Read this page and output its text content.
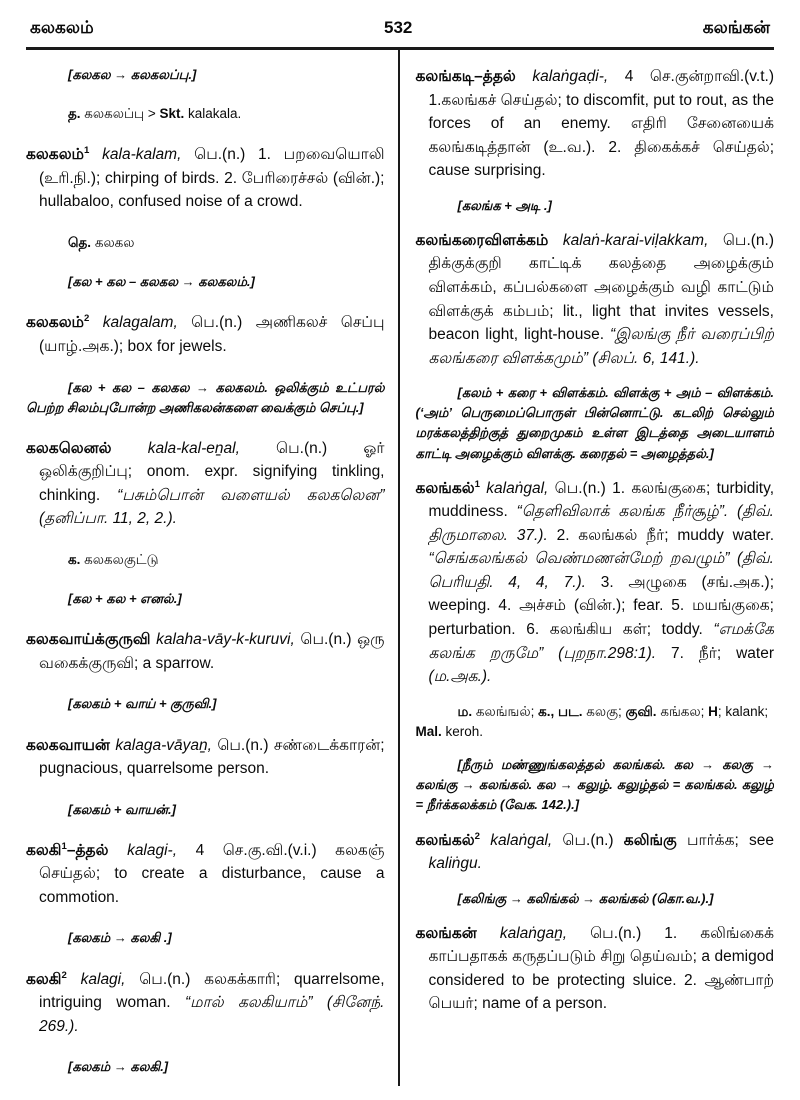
கலகலம்	532	கலங்கன்

[கலகல → கலகலப்பு.]

த. கலகலப்பு > Skt. kalakala.

கலகலம்$^1$ kala-kalam, பெ.(n.) 1. பறவையொலி (உரி.நி.); chirping of birds. 2. பேரிரைச்சல் (வின்.); hullabaloo, confused noise of a crowd.

தெ. கலகல

[கல + கல – கலகல → கலகலம்.]

கலகலம்$^2$ kalagalam, பெ.(n.) அணிகலச் செப்பு (யாழ்.அக.); box for jewels.

[கல + கல – கலகல → கலகலம். ஒலிக்கும் உட்பரல் பெற்ற சிலம்புபோன்ற அணிகலன்களை வைக்கும் செப்பு.]

கலகலெனல் kala-kal-eṉal, பெ.(n.) ஓர் ஒலிக்குறிப்பு; onom. expr. signifying tinkling, chinking. “பசும்பொன் வளையல் கலகலென” (தனிப்பா. 11, 2, 2.).

க. கலகலகுட்டு

[கல + கல + எனல்.]

கலகவாய்க்குருவி kalaha-vāy-k-kuruvi, பெ.(n.) ஒரு வகைக்குருவி; a sparrow.

[கலகம் + வாய் + குருவி.]

கலகவாயன் kalaga-vāyaṉ, பெ.(n.) சண்டைக்காரன்; pugnacious, quarrelsome person.

[கலகம் + வாயன்.]

கலகி$^1$–த்தல் kalagi-, 4 செ.கு.வி.(v.i.) கலகஞ் செய்தல்; to create a disturbance, cause a commotion.

[கலகம் → கலகி .]

கலகி$^2$ kalagi, பெ.(n.) கலகக்காரி; quarrelsome, intriguing woman. “மால் கலகியாம்” (சினேந். 269.).

[கலகம் → கலகி.]

கலங்கடி–த்தல் kalaṅgaḍi-, 4 செ.குன்றாவி.(v.t.) 1.கலங்கச் செய்தல்; to discomfit, put to rout, as the forces of an enemy. எதிரி சேனையைக் கலங்கடித்தான் (உ.வ.). 2. திகைக்கச் செய்தல்; cause surprising.

[கலங்க + அடி .]

கலங்கரைவிளக்கம் kalaṅ-karai-viḷakkam, பெ.(n.) திக்குக்குறி காட்டிக் கலத்தை அழைக்கும் விளக்கம், கப்பல்களை அழைக்கும் வழி காட்டும் விளக்குக் கம்பம்; lit., light that invites vessels, beacon light, light-house. “இலங்கு நீர் வரைப்பிற் கலங்கரை விளக்கமும்” (சிலப். 6, 141.).

[கலம் + கரை + விளக்கம். விளக்கு + அம் – விளக்கம். (‘அம்’ பெருமைப்பொருள் பின்னொட்டு. கடலிற் செல்லும் மரக்கலத்திற்குத் துறைமுகம் உள்ள இடத்தை அடையாளம் காட்டி அழைக்கும் விளக்கு. கரைதல் = அழைத்தல்.]

கலங்கல்$^1$ kalaṅgal, பெ.(n.) 1. கலங்குகை; turbidity, muddiness. “தெளிவிலாக் கலங்க நீர்சூழ்”. (திவ். திருமாலை. 37.). 2. கலங்கல் நீர்; muddy water. “செங்கலங்கல் வெண்மணன்மேற் றவழும்” (திவ். பெரியதி. 4, 4, 7.). 3. அழுகை (சங்.அக.); weeping. 4. அச்சம் (வின்.); fear. 5. மயங்குகை; perturbation. 6. கலங்கிய கள்; toddy. “எமக்கே கலங்க றருமே” (புறநா.298:1). 7. நீர்; water (ம.அக.).

ம. கலங்ஙல்; க., பட. கலகு; குவி. கங்கல; H; kalank; Mal. keroh.

[நீரும் மண்ணுங்கலத்தல் கலங்கல். கல → கலகு → கலங்கு → கலங்கல். கல → கலுழ். கலுழ்தல் = கலங்கல். கலுழ் = நீர்க்கலக்கம் (வேக. 142.).]

கலங்கல்$^2$ kalaṅgal, பெ.(n.) கலிங்கு பார்க்க; see kaliṅgu.

[கலிங்கு → கலிங்கல் → கலங்கல் (கொ.வ.).]

கலங்கன் kalaṅgaṉ, பெ.(n.) 1. கலிங்கைக் காப்பதாகக் கருதப்படும் சிறு தெய்வம்; a demigod considered to be protecting sluice. 2. ஆண்பாற் பெயர்; name of a person.
